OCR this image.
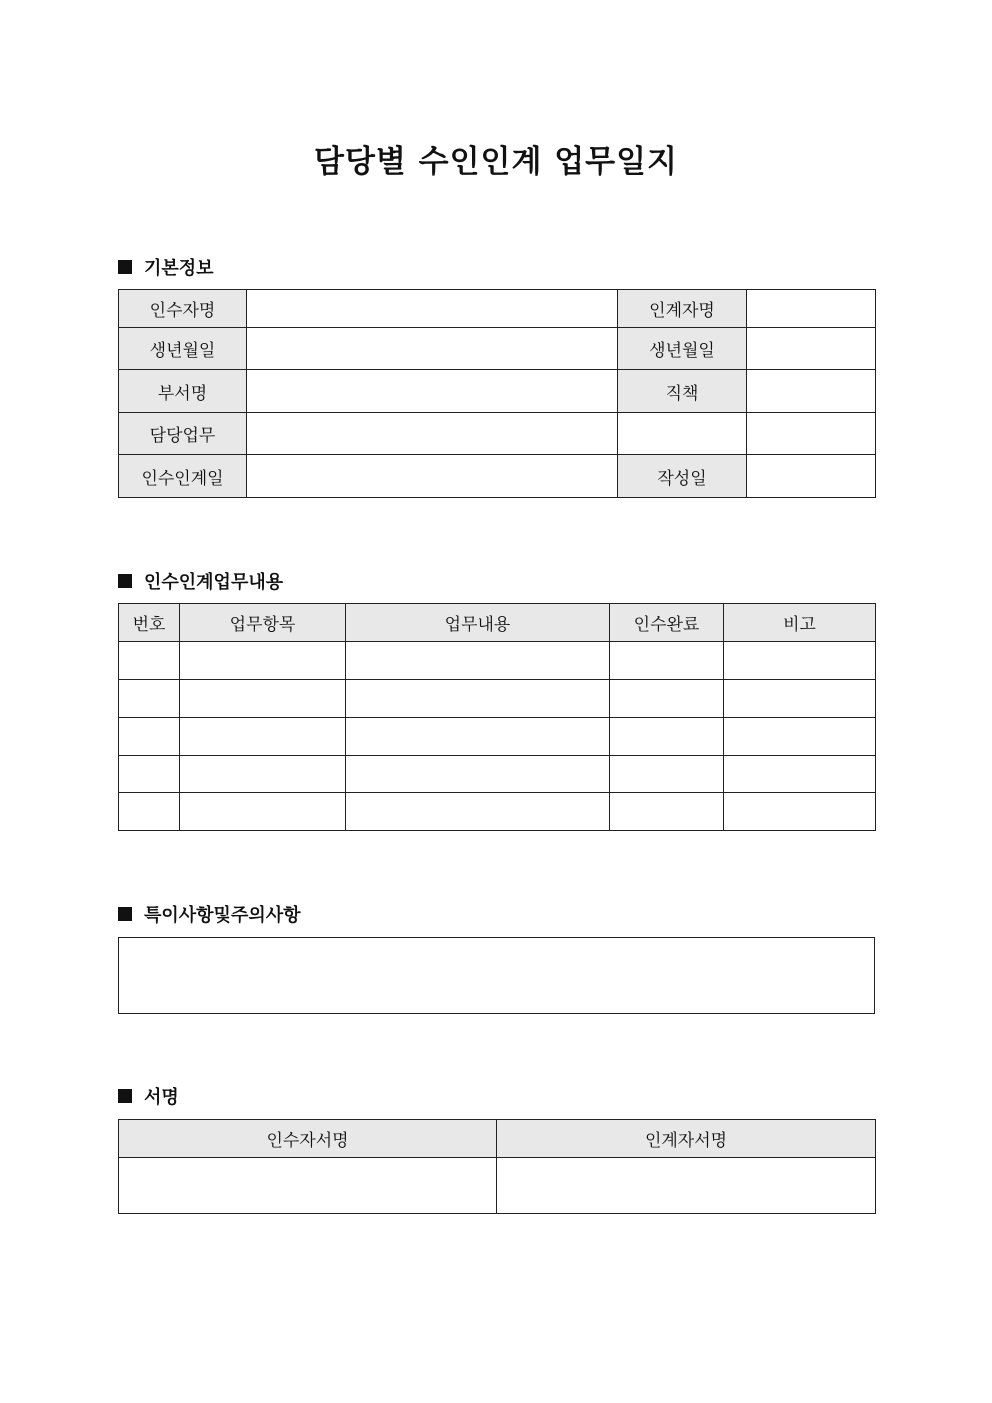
담당별 수인인계 업무일지
기본정보
인수자명		인계자명	
생년월일		생년월일	
부서명		직책	
담당업무			
인수인계일		작성일	
인수인계업무내용
번호	업무항목	업무내용	인수완료	비고

특이사항및주의사항
서명
인수자서명	인계자서명
